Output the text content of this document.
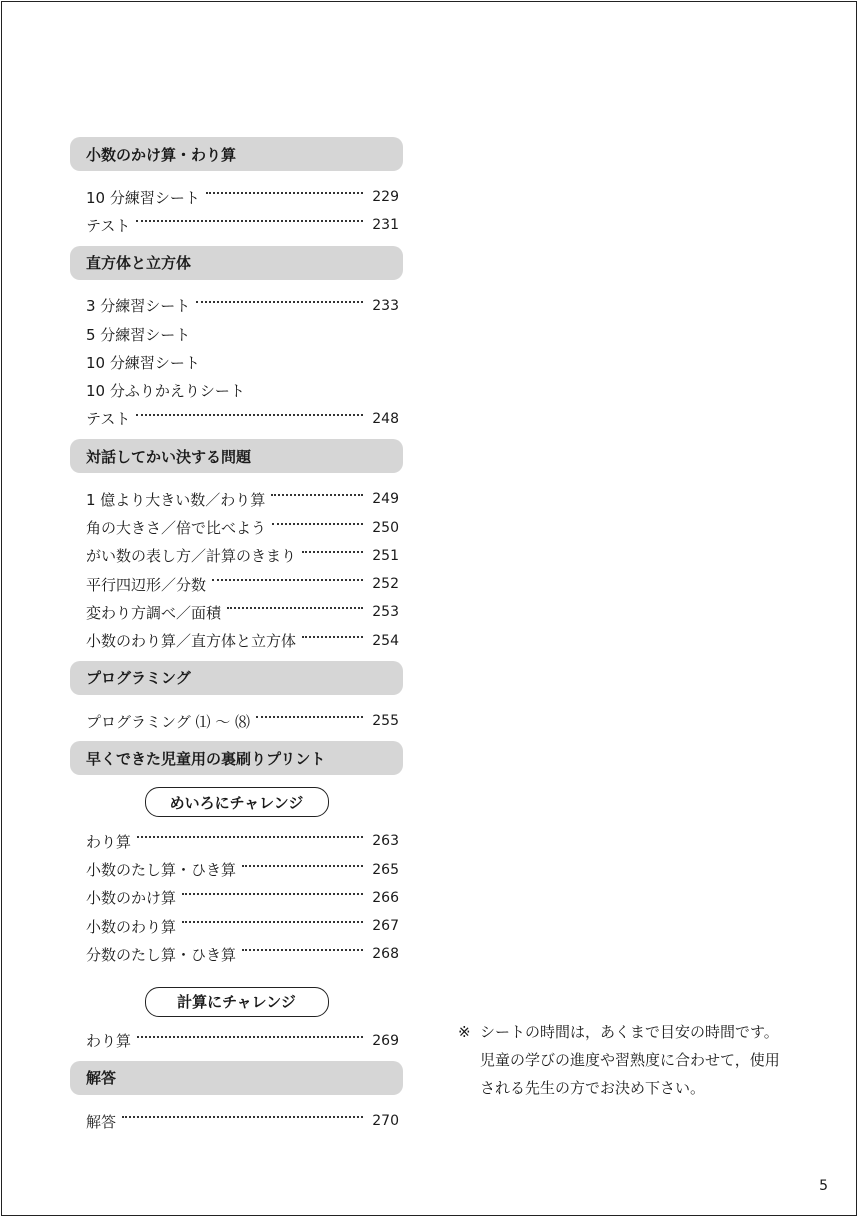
小数のかけ算・わり算
10 分練習シート	229
テスト	231
直方体と立方体
3 分練習シート	233
5 分練習シート
10 分練習シート
10 分ふりかえりシート
テスト	248
対話してかい決する問題
1 億より大きい数／わり算	249
角の大きさ／倍で比べよう	250
がい数の表し方／計算のきまり	251
平行四辺形／分数	252
変わり方調べ／面積	253
小数のわり算／直方体と立方体	254
プログラミング
プログラミング ⑴ ～ ⑻	255
早くできた児童用の裏刷りプリント
めいろにチャレンジ
わり算	263
小数のたし算・ひき算	265
小数のかけ算	266
小数のわり算	267
分数のたし算・ひき算	268
計算にチャレンジ
わり算	269
解答
解答	270
※ シートの時間は，あくまで目安の時間です。
児童の学びの進度や習熟度に合わせて，使用
される先生の方でお決め下さい。
5
